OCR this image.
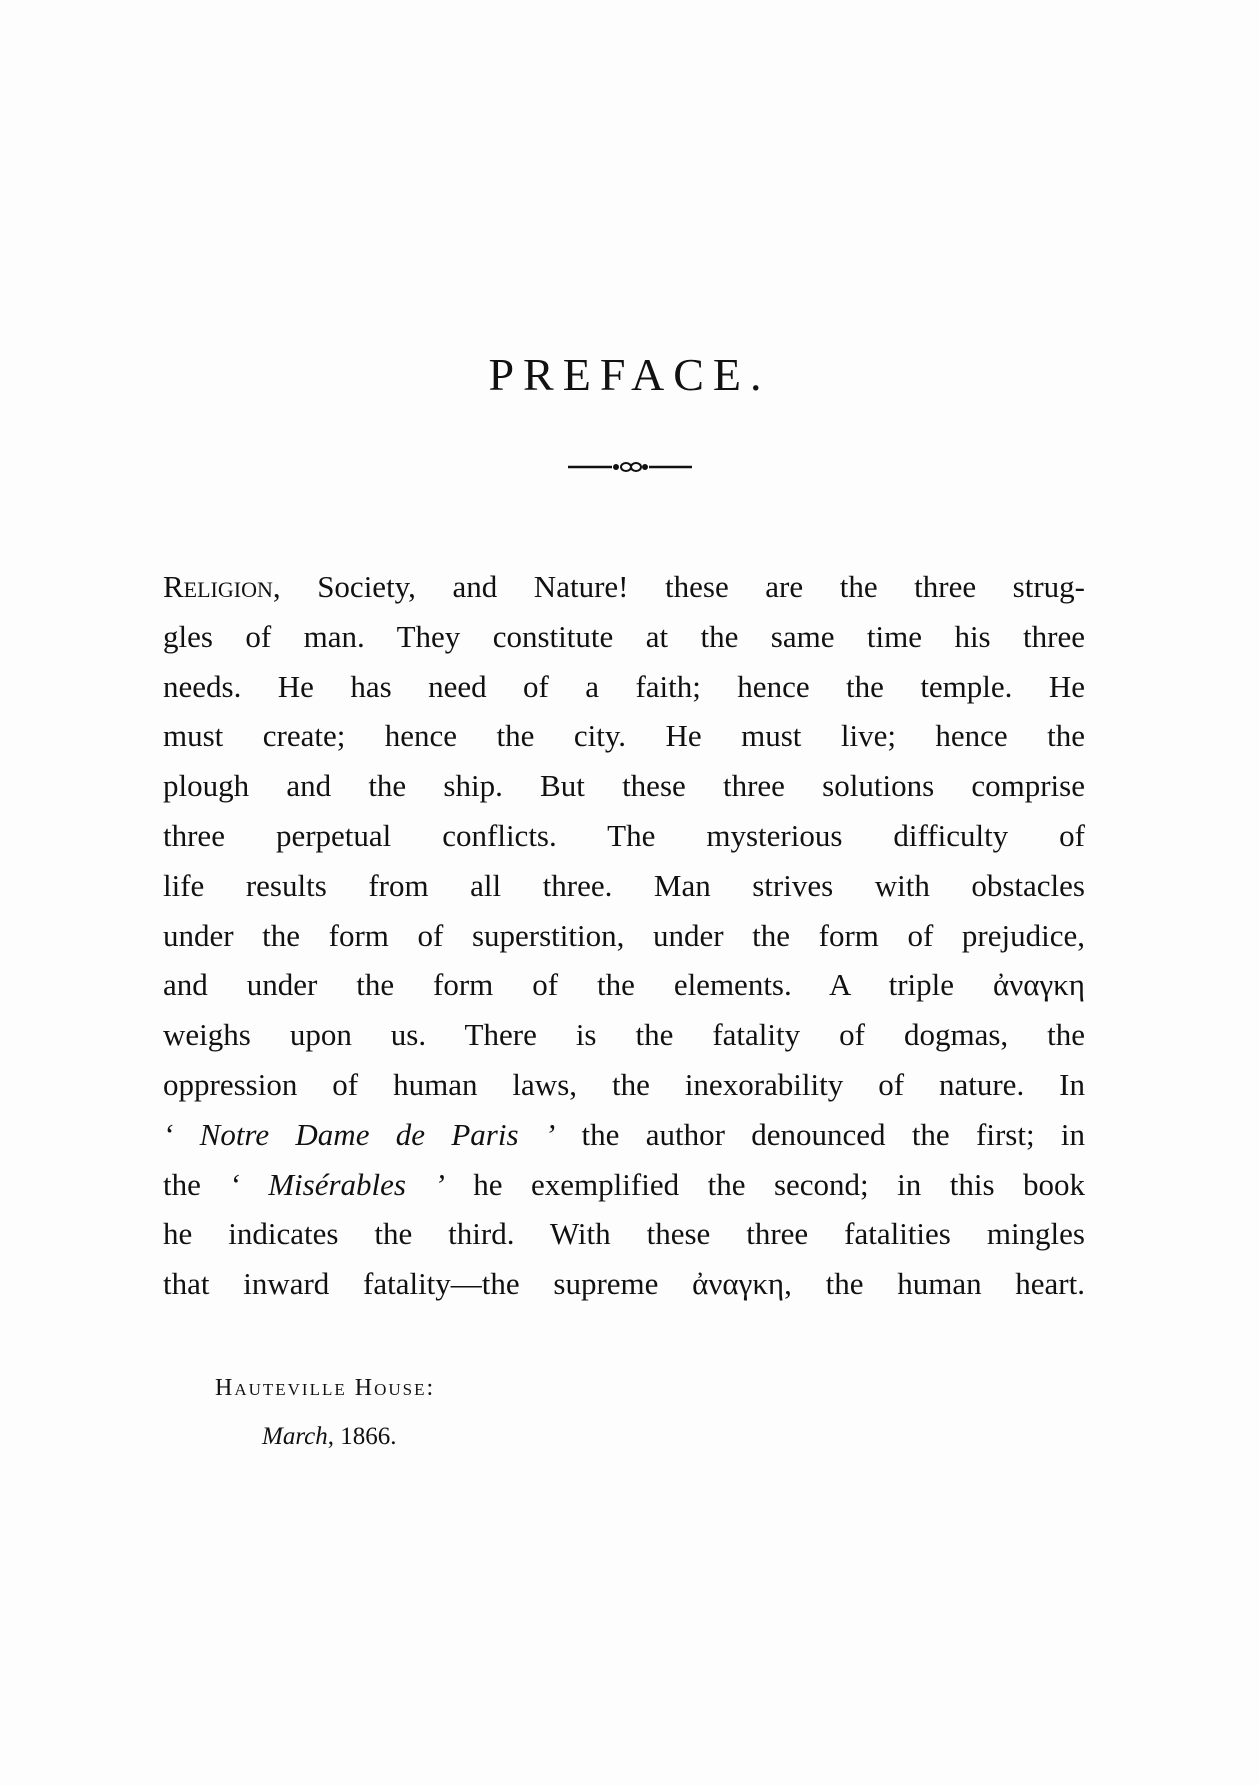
PREFACE.
Religion, Society, and Nature! these are the three strug-
gles of man. They constitute at the same time his three
needs. He has need of a faith; hence the temple. He
must create; hence the city. He must live; hence the
plough and the ship. But these three solutions comprise
three perpetual conflicts. The mysterious difficulty of
life results from all three. Man strives with obstacles
under the form of superstition, under the form of prejudice,
and under the form of the elements. A triple ἀναγκη
weighs upon us. There is the fatality of dogmas, the
oppression of human laws, the inexorability of nature. In
‘ Notre Dame de Paris ’ the author denounced the first; in
the ‘ Misérables ’ he exemplified the second; in this book
he indicates the third. With these three fatalities mingles
that inward fatality—the supreme ἀναγκη, the human heart.
Hauteville House:
March, 1866.
